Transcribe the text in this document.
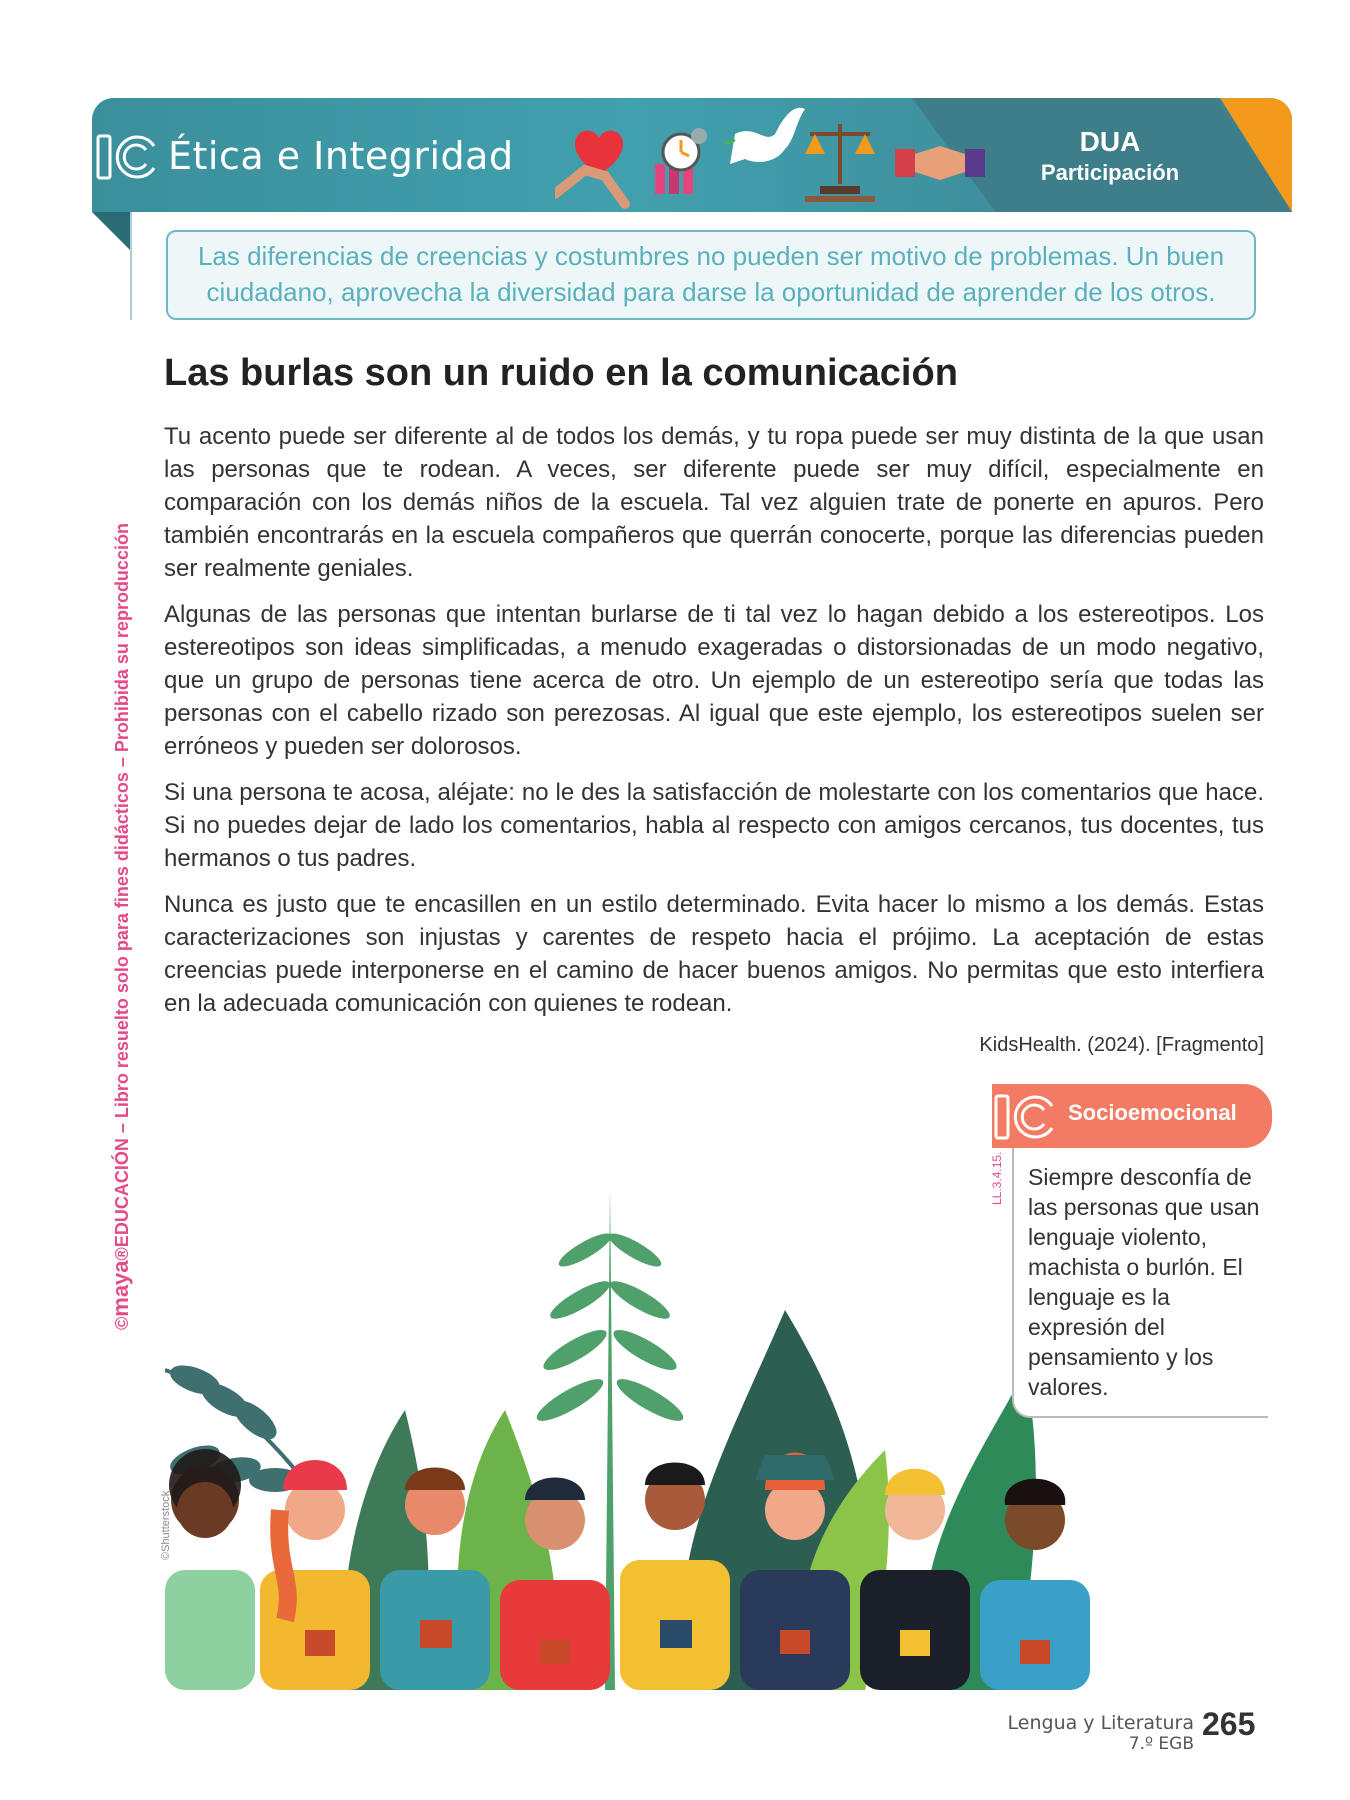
Ética e Integridad	DUA
Participación
Las diferencias de creencias y costumbres no pueden ser motivo de problemas. Un buen ciudadano, aprovecha la diversidad para darse la oportunidad de aprender de los otros.
©maya®EDUCACIÓN – Libro resuelto solo para fines didácticos – Prohibida su reproducción
Las burlas son un ruido en la comunicación
Tu acento puede ser diferente al de todos los demás, y tu ropa puede ser muy distinta de la que usan las personas que te rodean. A veces, ser diferente puede ser muy difícil, especialmente en comparación con los demás niños de la escuela. Tal vez alguien trate de ponerte en apuros. Pero también encontrarás en la escuela compañeros que querrán conocerte, porque las diferencias pueden ser realmente geniales.
Algunas de las personas que intentan burlarse de ti tal vez lo hagan debido a los estereotipos. Los estereotipos son ideas simplificadas, a menudo exageradas o distorsionadas de un modo negativo, que un grupo de personas tiene acerca de otro. Un ejemplo de un estereotipo sería que todas las personas con el cabello rizado son perezosas. Al igual que este ejemplo, los estereotipos suelen ser erróneos y pueden ser dolorosos.
Si una persona te acosa, aléjate: no le des la satisfacción de molestarte con los comentarios que hace. Si no puedes dejar de lado los comentarios, habla al respecto con amigos cercanos, tus docentes, tus hermanos o tus padres.
Nunca es justo que te encasillen en un estilo determinado. Evita hacer lo mismo a los demás. Estas caracterizaciones son injustas y carentes de respeto hacia el prójimo. La aceptación de estas creencias puede interponerse en el camino de hacer buenos amigos. No permitas que esto interfiera en la adecuada comunicación con quienes te rodean.
KidsHealth. (2024). [Fragmento]
©Shutterstock
Socioemocional
LL.3.4.15. Siempre desconfía de las personas que usan lenguaje violento, machista o burlón. El lenguaje es la expresión del pensamiento y los valores.
Lengua y Literatura
7.º EGB
265
